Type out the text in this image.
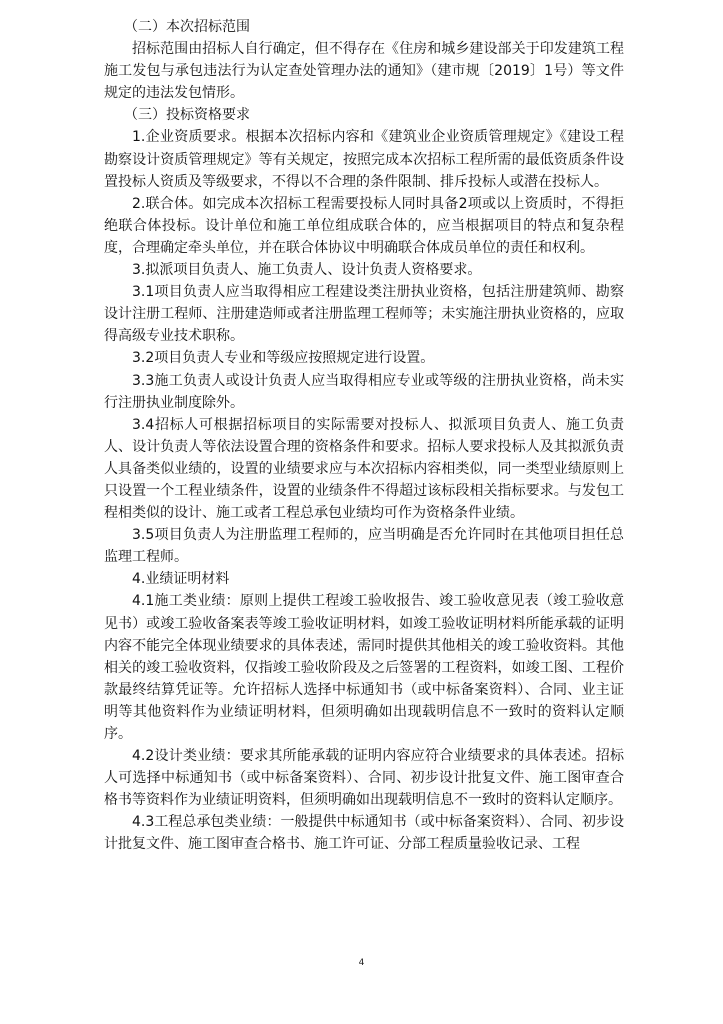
（二）本次招标范围

招标范围由招标人自行确定，但不得存在《住房和城乡建设部关于印发建筑工程施工发包与承包违法行为认定查处管理办法的通知》（建市规〔2019〕1号）等文件规定的违法发包情形。

（三）投标资格要求

1.企业资质要求。根据本次招标内容和《建筑业企业资质管理规定》《建设工程勘察设计资质管理规定》等有关规定，按照完成本次招标工程所需的最低资质条件设置投标人资质及等级要求，不得以不合理的条件限制、排斥投标人或潜在投标人。

2.联合体。如完成本次招标工程需要投标人同时具备2项或以上资质时，不得拒绝联合体投标。设计单位和施工单位组成联合体的，应当根据项目的特点和复杂程度，合理确定牵头单位，并在联合体协议中明确联合体成员单位的责任和权利。

3.拟派项目负责人、施工负责人、设计负责人资格要求。

3.1项目负责人应当取得相应工程建设类注册执业资格，包括注册建筑师、勘察设计注册工程师、注册建造师或者注册监理工程师等；未实施注册执业资格的，应取得高级专业技术职称。

3.2项目负责人专业和等级应按照规定进行设置。

3.3施工负责人或设计负责人应当取得相应专业或等级的注册执业资格，尚未实行注册执业制度除外。

3.4招标人可根据招标项目的实际需要对投标人、拟派项目负责人、施工负责人、设计负责人等依法设置合理的资格条件和要求。招标人要求投标人及其拟派负责人具备类似业绩的，设置的业绩要求应与本次招标内容相类似，同一类型业绩原则上只设置一个工程业绩条件，设置的业绩条件不得超过该标段相关指标要求。与发包工程相类似的设计、施工或者工程总承包业绩均可作为资格条件业绩。

3.5项目负责人为注册监理工程师的，应当明确是否允许同时在其他项目担任总监理工程师。

4.业绩证明材料

4.1施工类业绩：原则上提供工程竣工验收报告、竣工验收意见表（竣工验收意见书）或竣工验收备案表等竣工验收证明材料，如竣工验收证明材料所能承载的证明内容不能完全体现业绩要求的具体表述，需同时提供其他相关的竣工验收资料。其他相关的竣工验收资料，仅指竣工验收阶段及之后签署的工程资料，如竣工图、工程价款最终结算凭证等。允许招标人选择中标通知书（或中标备案资料）、合同、业主证明等其他资料作为业绩证明材料，但须明确如出现载明信息不一致时的资料认定顺序。

4.2设计类业绩：要求其所能承载的证明内容应符合业绩要求的具体表述。招标人可选择中标通知书（或中标备案资料）、合同、初步设计批复文件、施工图审查合格书等资料作为业绩证明资料，但须明确如出现载明信息不一致时的资料认定顺序。

4.3工程总承包类业绩：一般提供中标通知书（或中标备案资料）、合同、初步设计批复文件、施工图审查合格书、施工许可证、分部工程质量验收记录、工程

4
